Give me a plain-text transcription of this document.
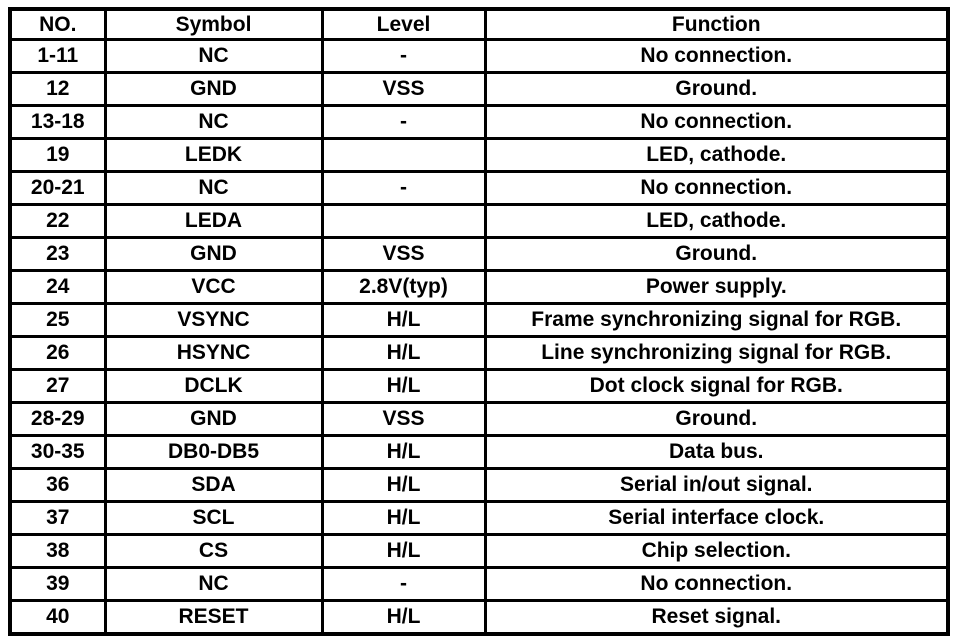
NO.	Symbol	Level	Function
1-11	NC	-	No connection.
12	GND	VSS	Ground.
13-18	NC	-	No connection.
19	LEDK		LED, cathode.
20-21	NC	-	No connection.
22	LEDA		LED, cathode.
23	GND	VSS	Ground.
24	VCC	2.8V(typ)	Power supply.
25	VSYNC	H/L	Frame synchronizing signal for RGB.
26	HSYNC	H/L	Line synchronizing signal for RGB.
27	DCLK	H/L	Dot clock signal for RGB.
28-29	GND	VSS	Ground.
30-35	DB0-DB5	H/L	Data bus.
36	SDA	H/L	Serial in/out signal.
37	SCL	H/L	Serial interface clock.
38	CS	H/L	Chip selection.
39	NC	-	No connection.
40	RESET	H/L	Reset signal.
